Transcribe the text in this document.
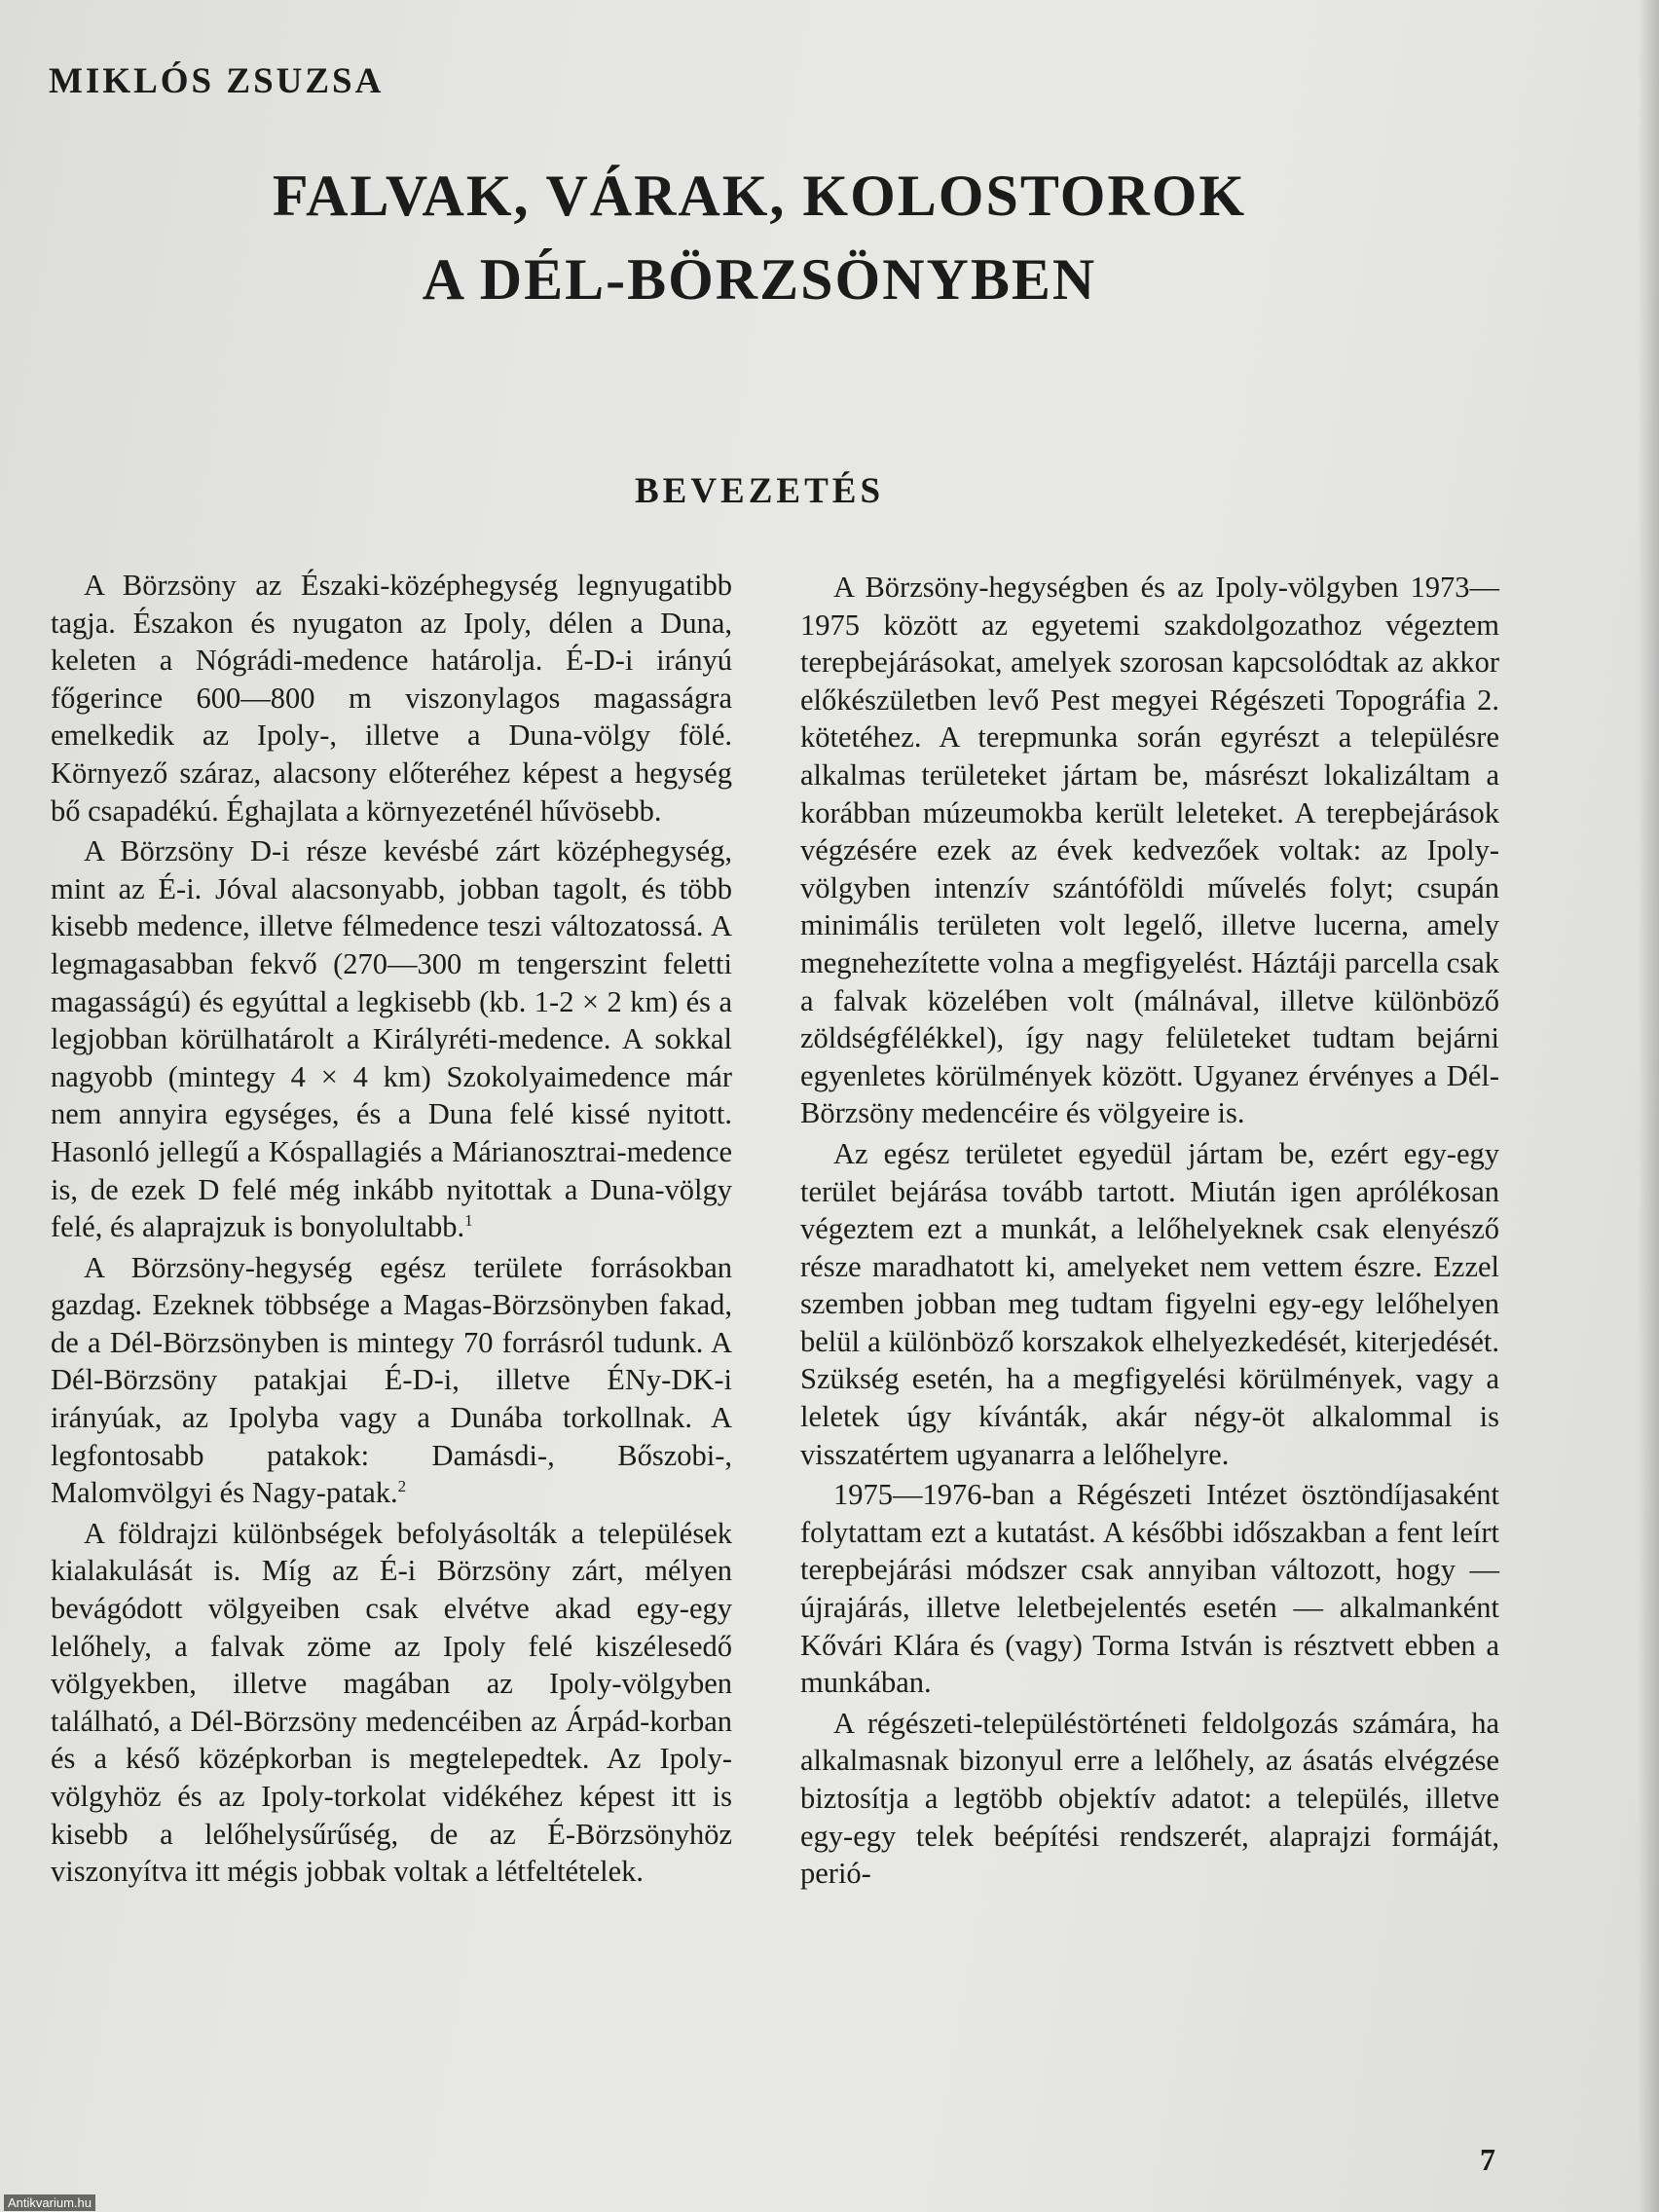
MIKLÓS ZSUZSA
FALVAK, VÁRAK, KOLOSTOROK
A DÉL-BÖRZSÖNYBEN
BEVEZETÉS

A Börzsöny az Északi-középhegység legnyugatibb tagja. Északon és nyugaton az Ipoly, délen a Duna, keleten a Nógrádi-medence határolja. É-D-i irányú főgerince 600—800 m viszonylagos magasságra emelkedik az Ipoly-, illetve a Duna-völgy fölé. Környező száraz, alacsony előteréhez képest a hegység bő csapadékú. Éghajlata a környezeténél hűvösebb.

A Börzsöny D-i része kevésbé zárt középhegység, mint az É-i. Jóval alacsonyabb, jobban tagolt, és több kisebb medence, illetve félmedence teszi változatossá. A legmagasabban fekvő (270—300 m tengerszint feletti magasságú) és egyúttal a legkisebb (kb. 1-2 × 2 km) és a legjobban körülhatárolt a Királyréti-medence. A sokkal nagyobb (mintegy 4 × 4 km) Szokolyaimedence már nem annyira egységes, és a Duna felé kissé nyitott. Hasonló jellegű a Kóspallagiés a Márianosztrai-medence is, de ezek D felé még inkább nyitottak a Duna-völgy felé, és alaprajzuk is bonyolultabb.$^1$

A Börzsöny-hegység egész területe forrásokban gazdag. Ezeknek többsége a Magas-Börzsönyben fakad, de a Dél-Börzsönyben is mintegy 70 forrásról tudunk. A Dél-Börzsöny patakjai É-D-i, illetve ÉNy-DK-i irányúak, az Ipolyba vagy a Dunába torkollnak. A legfontosabb patakok: Damásdi-, Bőszobi-, Malomvölgyi és Nagy-patak.$^2$

A földrajzi különbségek befolyásolták a települések kialakulását is. Míg az É-i Börzsöny zárt, mélyen bevágódott völgyeiben csak elvétve akad egy-egy lelőhely, a falvak zöme az Ipoly felé kiszélesedő völgyekben, illetve magában az Ipoly-völgyben található, a Dél-Börzsöny medencéiben az Árpád-korban és a késő középkorban is megtelepedtek. Az Ipoly-völgyhöz és az Ipoly-torkolat vidékéhez képest itt is kisebb a lelőhelysűrűség, de az É-Börzsönyhöz viszonyítva itt mégis jobbak voltak a létfeltételek.

A Börzsöny-hegységben és az Ipoly-völgyben 1973—1975 között az egyetemi szakdolgozathoz végeztem terepbejárásokat, amelyek szorosan kapcsolódtak az akkor előkészületben levő Pest megyei Régészeti Topográfia 2. kötetéhez. A terepmunka során egyrészt a településre alkalmas területeket jártam be, másrészt lokalizáltam a korábban múzeumokba került leleteket. A terepbejárások végzésére ezek az évek kedvezőek voltak: az Ipoly-völgyben intenzív szántóföldi művelés folyt; csupán minimális területen volt legelő, illetve lucerna, amely megnehezítette volna a megfigyelést. Háztáji parcella csak a falvak közelében volt (málnával, illetve különböző zöldségfélékkel), így nagy felületeket tudtam bejárni egyenletes körülmények között. Ugyanez érvényes a Dél-Börzsöny medencéire és völgyeire is.

Az egész területet egyedül jártam be, ezért egy-egy terület bejárása tovább tartott. Miután igen aprólékosan végeztem ezt a munkát, a lelőhelyeknek csak elenyésző része maradhatott ki, amelyeket nem vettem észre. Ezzel szemben jobban meg tudtam figyelni egy-egy lelőhelyen belül a különböző korszakok elhelyezkedését, kiterjedését. Szükség esetén, ha a megfigyelési körülmények, vagy a leletek úgy kívánták, akár négy-öt alkalommal is visszatértem ugyanarra a lelőhelyre.

1975—1976-ban a Régészeti Intézet ösztöndíjasaként folytattam ezt a kutatást. A későbbi időszakban a fent leírt terepbejárási módszer csak annyiban változott, hogy — újrajárás, illetve leletbejelentés esetén — alkalmanként Kővári Klára és (vagy) Torma István is résztvett ebben a munkában.

A régészeti-településtörténeti feldolgozás számára, ha alkalmasnak bizonyul erre a lelőhely, az ásatás elvégzése biztosítja a legtöbb objektív adatot: a település, illetve egy-egy telek beépítési rendszerét, alaprajzi formáját, perió-

7
Antikvarium.hu
